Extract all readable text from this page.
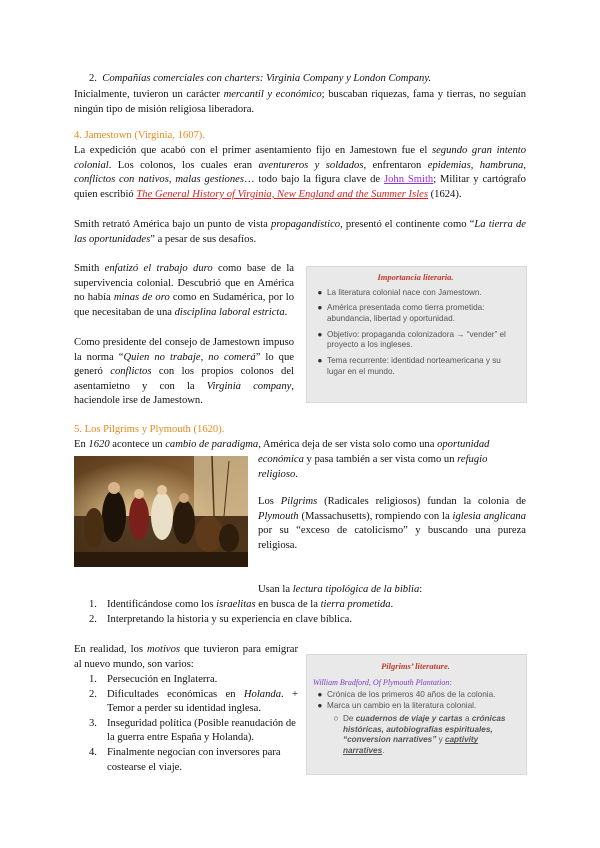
2. Compañías comerciales con charters: Virginia Company y London Company.

Inicialmente, tuvieron un carácter mercantil y económico; buscaban riquezas, fama y tierras, no seguían ningún tipo de misión religiosa liberadora.

4. Jamestown (Virginia, 1607).

La expedición que acabó con el primer asentamiento fijo en Jamestown fue el segundo gran intento colonial. Los colonos, los cuales eran aventureros y soldados, enfrentaron epidemias, hambruna, conflictos con nativos, malas gestiones… todo bajo la figura clave de John Smith; Militar y cartógrafo quien escribió The General History of Virginia, New England and the Summer Isles (1624).

Smith retrató América bajo un punto de vista propagandístico, presentó el continente como “La tierra de las oportunidades” a pesar de sus desafíos.

Smith enfatizó el trabajo duro como base de la supervivencia colonial. Descubrió que en América no había minas de oro como en Sudamérica, por lo que necesitaban de una disciplina laboral estricta.

Como presidente del consejo de Jamestown impuso la norma “Quien no trabaje, no comerá” lo que generó conflictos con los propios colonos del asentamietno y con la Virginia company, haciendole irse de Jamestown.

Importancia literaria.
● La literatura colonial nace con Jamestown.
● América presentada como tierra prometida: abundancia, libertad y oportunidad.
● Objetivo: propaganda colonizadora → “vender” el proyecto a los ingleses.
● Tema recurrente: identidad norteamericana y su lugar en el mundo.
5. Los Pilgrims y Plymouth (1620).
En 1620 acontece un cambio de paradigma, América deja de ser vista solo como una oportunidad
económica y pasa también a ser vista como un refugio
religioso.

Los Pilgrims (Radicales religiosos) fundan la colonia de Plymouth (Massachusetts), rompiendo con la iglesia anglicana por su “exceso de catolicismo” y buscando una pureza religiosa.

Usan la lectura tipológica de la biblia:
1. Identificándose como los israelitas en busca de la tierra prometida.
2. Interpretando la historia y su experiencia en clave bíblica.

En realidad, los motivos que tuvieron para emigrar al nuevo mundo, son varios:

1. Persecución en Inglaterra.
2. Dificultades económicas en Holanda. + Temor a perder su identidad inglesa.
3. Inseguridad política (Posible reanudación de la guerra entre España y Holanda).
4. Finalmente negocian con inversores para costearse el viaje.
Pilgrims’ literature.
William Bradford, Of Plymouth Plantation:
● Crónica de los primeros 40 años de la colonia.
● Marca un cambio en la literatura colonial.
○ De cuadernos de viaje y cartas a crónicas históricas, autobiografías espirituales, “conversion narratives” y captivity narratives.
